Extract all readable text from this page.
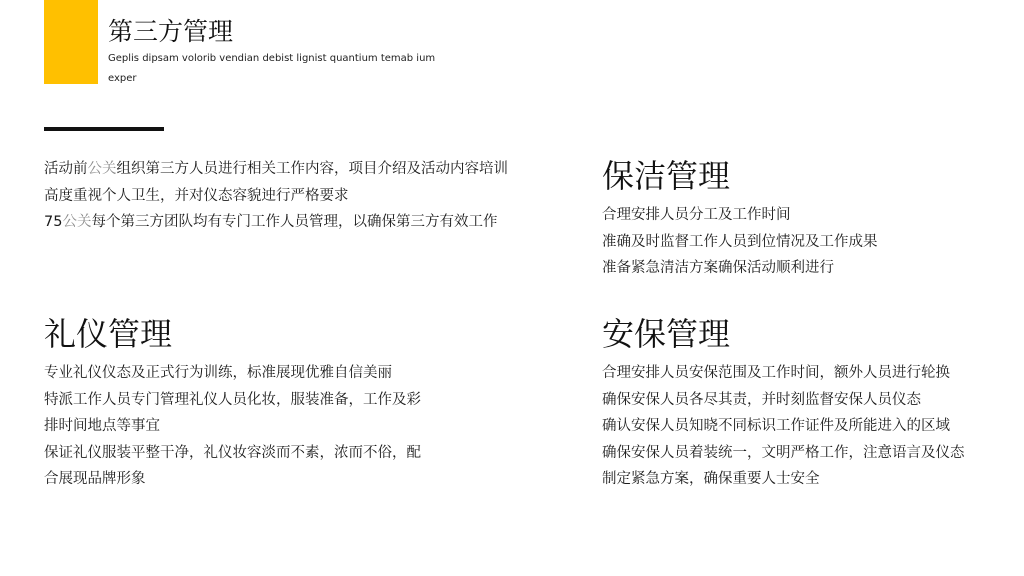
第三方管理
Geplis dipsam volorib vendian debist lignist quantium temab ium exper
活动前公关组织第三方人员进行相关工作内容，项目介绍及活动内容培训
高度重视个人卫生，并对仪态容貌迚行严格要求
75公关每个第三方团队均有专门工作人员管理，以确保第三方有效工作
保洁管理
合理安排人员分工及工作时间
准确及时监督工作人员到位情况及工作成果
准备紧急清洁方案确保活动顺利进行
礼仪管理
专业礼仪仪态及正式行为训练，标准展现优雅自信美丽
特派工作人员专门管理礼仪人员化妆，服装准备，工作及彩
排时间地点等事宜
保证礼仪服装平整干净，礼仪妆容淡而不素，浓而不俗，配
合展现品牌形象
安保管理
合理安排人员安保范围及工作时间，额外人员进行轮换
确保安保人员各尽其责，并时刻监督安保人员仪态
确认安保人员知晓不同标识工作证件及所能进入的区域
确保安保人员着装统一，文明严格工作，注意语言及仪态
制定紧急方案，确保重要人士安全
